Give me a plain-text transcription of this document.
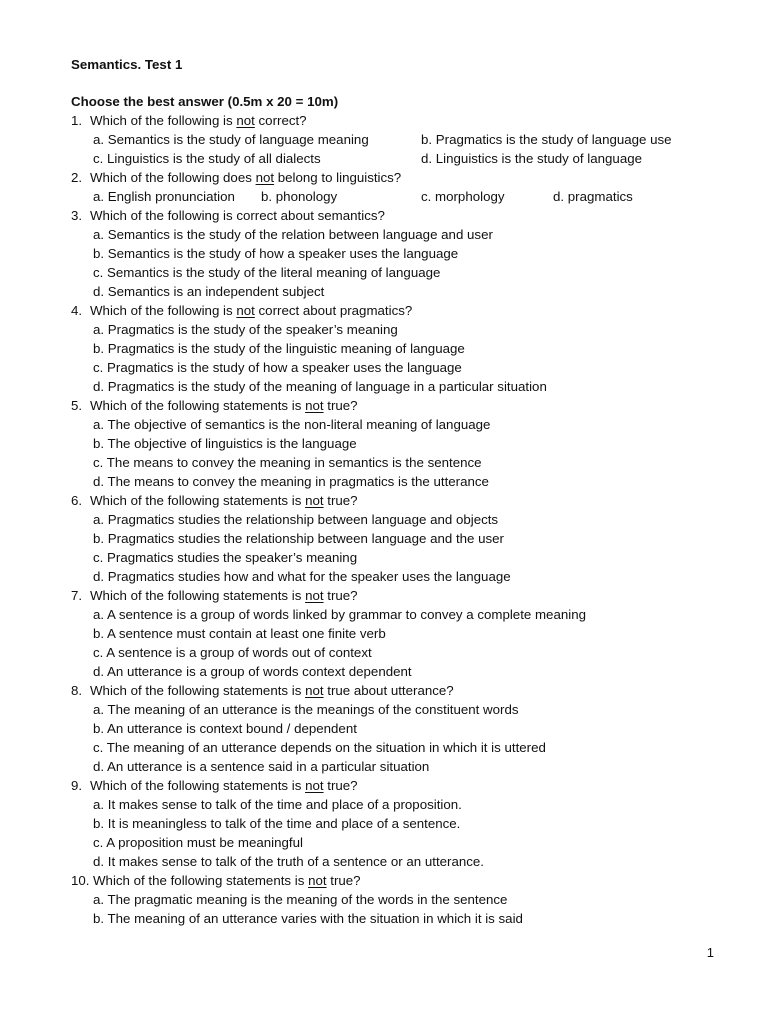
Semantics. Test 1

Choose the best answer (0.5m x 20 = 10m)

1. Which of the following is not correct?
a. Semantics is the study of language meaning	b. Pragmatics is the study of language use
c. Linguistics is the study of all dialects	d. Linguistics is the study of language
2. Which of the following does not belong to linguistics?
a. English pronunciation b. phonology	c. morphology	d. pragmatics
3. Which of the following is correct about semantics?
a. Semantics is the study of the relation between language and user
b. Semantics is the study of how a speaker uses the language
c. Semantics is the study of the literal meaning of language
d. Semantics is an independent subject
4. Which of the following is not correct about pragmatics?
a. Pragmatics is the study of the speaker’s meaning
b. Pragmatics is the study of the linguistic meaning of language
c. Pragmatics is the study of how a speaker uses the language
d. Pragmatics is the study of the meaning of language in a particular situation
5. Which of the following statements is not true?
a. The objective of semantics is the non-literal meaning of language
b. The objective of linguistics is the language
c. The means to convey the meaning in semantics is the sentence
d. The means to convey the meaning in pragmatics is the utterance
6. Which of the following statements is not true?
a. Pragmatics studies the relationship between language and objects
b. Pragmatics studies the relationship between language and the user
c. Pragmatics studies the speaker’s meaning
d. Pragmatics studies how and what for the speaker uses the language
7. Which of the following statements is not true?
a. A sentence is a group of words linked by grammar to convey a complete meaning
b. A sentence must contain at least one finite verb
c. A sentence is a group of words out of context
d. An utterance is a group of words context dependent
8. Which of the following statements is not true about utterance?
a. The meaning of an utterance is the meanings of the constituent words
b. An utterance is context bound / dependent
c. The meaning of an utterance depends on the situation in which it is uttered
d. An utterance is a sentence said in a particular situation
9. Which of the following statements is not true?
a. It makes sense to talk of the time and place of a proposition.
b. It is meaningless to talk of the time and place of a sentence.
c. A proposition must be meaningful
d. It makes sense to talk of the truth of a sentence or an utterance.
10. Which of the following statements is not true?
a. The pragmatic meaning is the meaning of the words in the sentence
b. The meaning of an utterance varies with the situation in which it is said
1
